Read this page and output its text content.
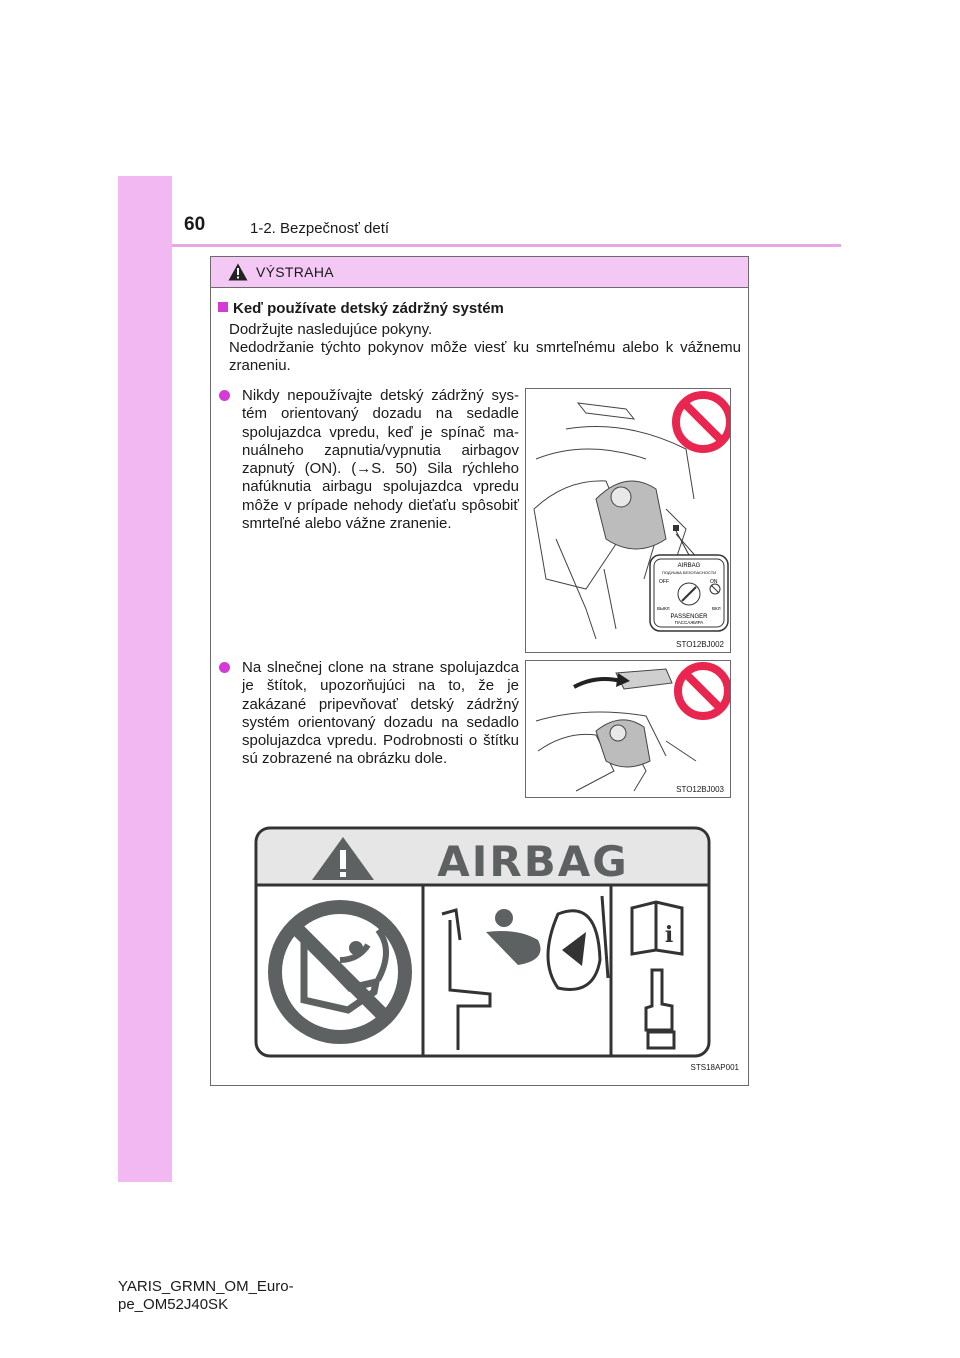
60	1-2. Bezpečnosť detí
VÝSTRAHA
Keď používate detský zádržný systém

Dodržujte nasledujúce pokyny.

Nedodržanie týchto pokynov môže viesť ku smrteľnému alebo k vážnemu zraneniu.

Nikdy nepoužívajte detský zádržný systém orientovaný dozadu na sedadle spolujazdca vpredu, keď je spínač manuálneho zapnutia/vypnutia airbagov zapnutý (ON). (→S. 50) Sila rýchleho nafúknutia airbagu spolujazdca vpredu môže v prípade nehody dieťaťu spôsobiť smrteľné alebo vážne zranenie.

Na slnečnej clone na strane spolujazdca je štítok, upozorňujúci na to, že je zakázané pripevňovať detský zádržný systém orientovaný dozadu na sedadlo spolujazdca vpredu. Podrobnosti o štítku sú zobrazené na obrázku dole.

AIRBAG
ПОДУШКА БЕЗОПАСНОСТИ
OFF	ON
ВЫКЛ	ВКЛ
PASSENGER
ПАССАЖИРА
STO12BJ002
STO12BJ003
AIRBAG
i
STS18AP001
YARIS_GRMN_OM_Euro-
pe_OM52J40SK
